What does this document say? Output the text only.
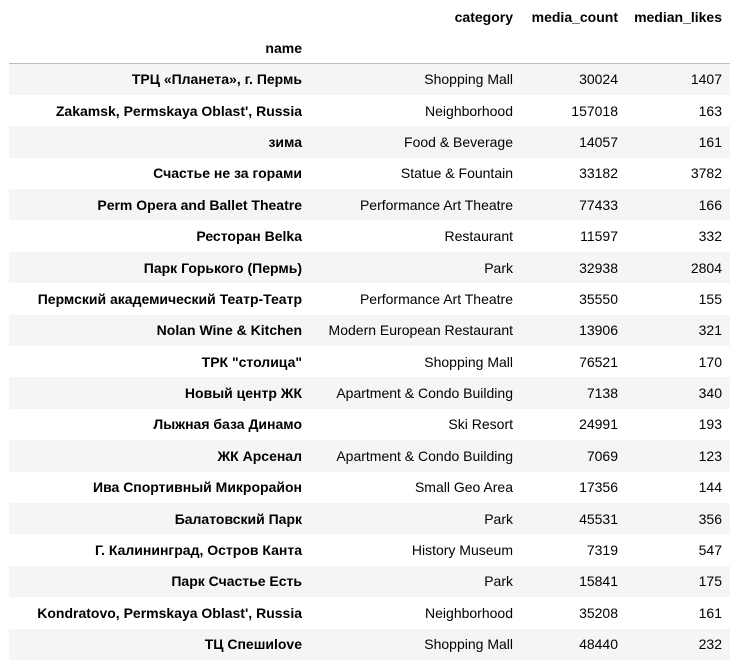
	category	media_count	median_likes
name			
ТРЦ «Планета», г. Пермь	Shopping Mall	30024	1407
Zakamsk, Permskaya Oblast', Russia	Neighborhood	157018	163
зима	Food & Beverage	14057	161
Счастье не за горами	Statue & Fountain	33182	3782
Perm Opera and Ballet Theatre	Performance Art Theatre	77433	166
Ресторан Belka	Restaurant	11597	332
Парк Горького (Пермь)	Park	32938	2804
Пермский академический Театр-Театр	Performance Art Theatre	35550	155
Nolan Wine & Kitchen	Modern European Restaurant	13906	321
ТРК "столица"	Shopping Mall	76521	170
Новый центр ЖК	Apartment & Condo Building	7138	340
Лыжная база Динамо	Ski Resort	24991	193
ЖК Арсенал	Apartment & Condo Building	7069	123
Ива Спортивный Микрорайон	Small Geo Area	17356	144
Балатовский Парк	Park	45531	356
Г. Калининград, Остров Канта	History Museum	7319	547
Парк Счастье Есть	Park	15841	175
Kondratovo, Permskaya Oblast', Russia	Neighborhood	35208	161
ТЦ Спешиlove	Shopping Mall	48440	232
